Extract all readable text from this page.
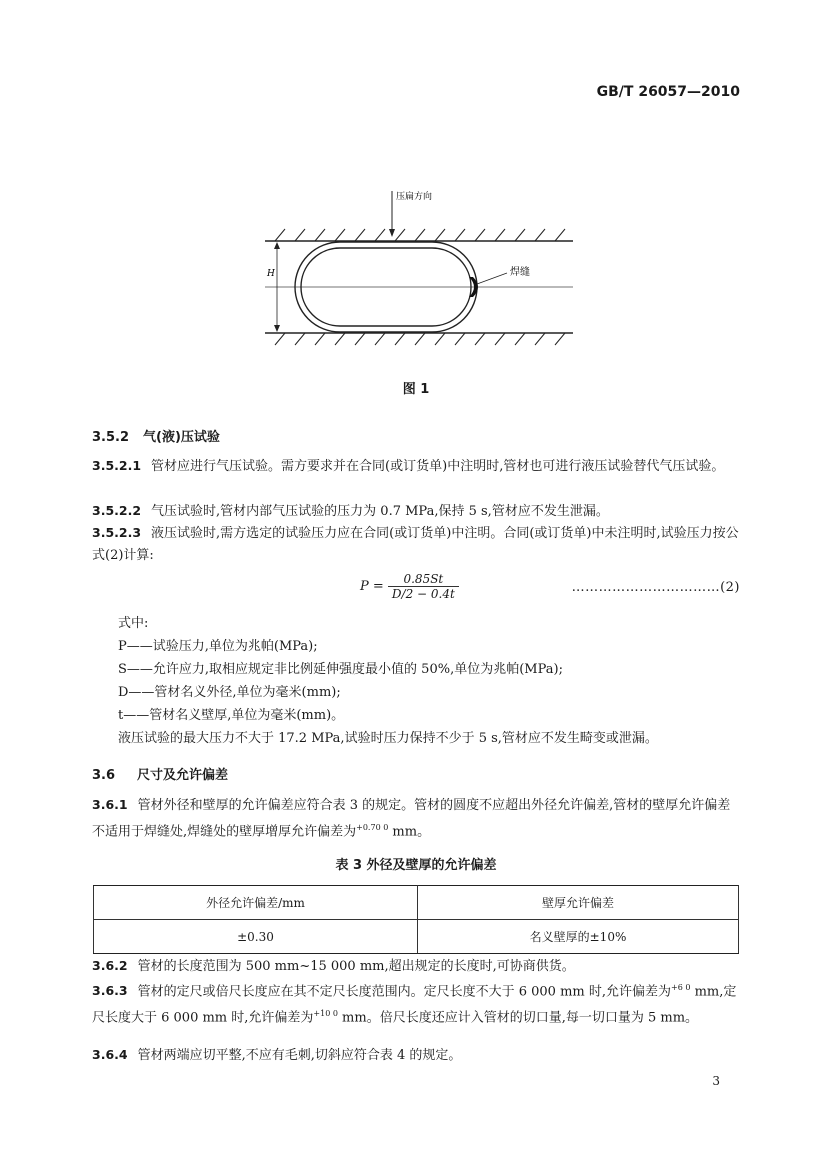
GB/T 26057—2010
H
压扁方向
焊缝
图 1
3.5.2 气(液)压试验
3.5.2.1 管材应进行气压试验。需方要求并在合同(或订货单)中注明时,管材也可进行液压试验替代气压试验。
3.5.2.2 气压试验时,管材内部气压试验的压力为 0.7 MPa,保持 5 s,管材应不发生泄漏。
3.5.2.3 液压试验时,需方选定的试验压力应在合同(或订货单)中注明。合同(或订货单)中未注明时,试验压力按公式(2)计算:
$P = \frac{0.85St}{D/2 - 0.4t}$	……………………………(2)
式中:
P——试验压力,单位为兆帕(MPa);
S——允许应力,取相应规定非比例延伸强度最小值的 50%,单位为兆帕(MPa);
D——管材名义外径,单位为毫米(mm);
t——管材名义壁厚,单位为毫米(mm)。
液压试验的最大压力不大于 17.2 MPa,试验时压力保持不少于 5 s,管材应不发生畸变或泄漏。
3.6 尺寸及允许偏差
3.6.1 管材外径和壁厚的允许偏差应符合表 3 的规定。管材的圆度不应超出外径允许偏差,管材的壁厚允许偏差不适用于焊缝处,焊缝处的壁厚增厚允许偏差为$^{+0.70 0}$ mm。
表 3 外径及壁厚的允许偏差
外径允许偏差/mm	壁厚允许偏差
±0.30	名义壁厚的±10%
3.6.2 管材的长度范围为 500 mm~15 000 mm,超出规定的长度时,可协商供货。
3.6.3 管材的定尺或倍尺长度应在其不定尺长度范围内。定尺长度不大于 6 000 mm 时,允许偏差为$^{+6 0}$ mm,定尺长度大于 6 000 mm 时,允许偏差为$^{+10 0}$ mm。倍尺长度还应计入管材的切口量,每一切口量为 5 mm。
3.6.4 管材两端应切平整,不应有毛刺,切斜应符合表 4 的规定。
3
